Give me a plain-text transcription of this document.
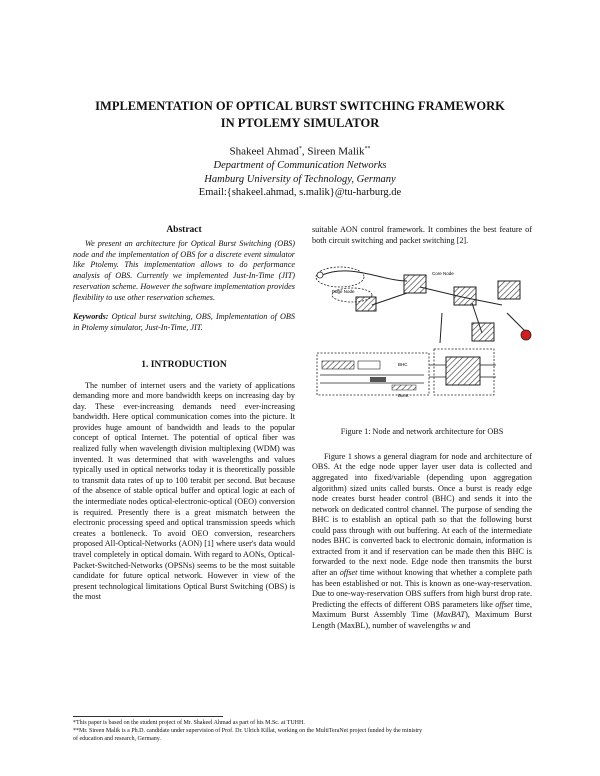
IMPLEMENTATION OF OPTICAL BURST SWITCHING FRAMEWORK
IN PTOLEMY SIMULATOR
Shakeel Ahmad*, Sireen Malik**
Department of Communication Networks
Hamburg University of Technology, Germany
Email:{shakeel.ahmad, s.malik}@tu-harburg.de
Abstract

We present an architecture for Optical Burst Switching (OBS) node and the implementation of OBS for a discrete event simulator like Ptolemy. This implementation allows to do performance analysis of OBS. Currently we implemented Just-In-Time (JIT) reservation scheme. However the software implementation provides flexibility to use other reservation schemes.

Keywords: Optical burst switching, OBS, Implementation of OBS in Ptolemy simulator, Just-In-Time, JIT.
1. INTRODUCTION

The number of internet users and the variety of applications demanding more and more bandwidth keeps on increasing day by day. These ever-increasing demands need ever-increasing bandwidth. Here optical communication comes into the picture. It provides huge amount of bandwidth and leads to the popular concept of optical Internet. The potential of optical fiber was realized fully when wavelength division multiplexing (WDM) was invented. It was determined that with wavelengths and values typically used in optical networks today it is theoretically possible to transmit data rates of up to 100 terabit per second. But because of the absence of stable optical buffer and optical logic at each of the intermediate nodes optical-electronic-optical (OEO) conversion is required. Presently there is a great mismatch between the electronic processing speed and optical transmission speeds which creates a bottleneck. To avoid OEO conversion, researchers proposed All-Optical-Networks (AON) [1] where user's data would travel completely in optical domain. With regard to AONs, Optical-Packet-Switched-Networks (OPSNs) seems to be the most suitable candidate for future optical network. However in view of the present technological limitations Optical Burst Switching (OBS) is the most

suitable AON control framework. It combines the best feature of both circuit switching and packet switching [2].

Edge Node
Core Node
BHC
Burst
Figure 1: Node and network architecture for OBS

Figure 1 shows a general diagram for node and architecture of OBS. At the edge node upper layer user data is collected and aggregated into fixed/variable (depending upon aggregation algorithm) sized units called bursts. Once a burst is ready edge node creates burst header control (BHC) and sends it into the network on dedicated control channel. The purpose of sending the BHC is to establish an optical path so that the following burst could pass through with out buffering. At each of the intermediate nodes BHC is converted back to electronic domain, information is extracted from it and if reservation can be made then this BHC is forwarded to the next node. Edge node then transmits the burst after an offset time without knowing that whether a complete path has been established or not. This is known as one-way-reservation. Due to one-way-reservation OBS suffers from high burst drop rate. Predicting the effects of different OBS parameters like offset time, Maximum Burst Assembly Time (MaxBAT), Maximum Burst Length (MaxBL), number of wavelengths w and

*This paper is based on the student project of Mr. Shakeel Ahmad as part of his M.Sc. at TUHH.
**Mr. Sireen Malik is a Ph.D. candidate under supervision of Prof. Dr. Ulrich Killat, working on the MultiTeraNet project funded by the ministry
of education and research, Germany.
